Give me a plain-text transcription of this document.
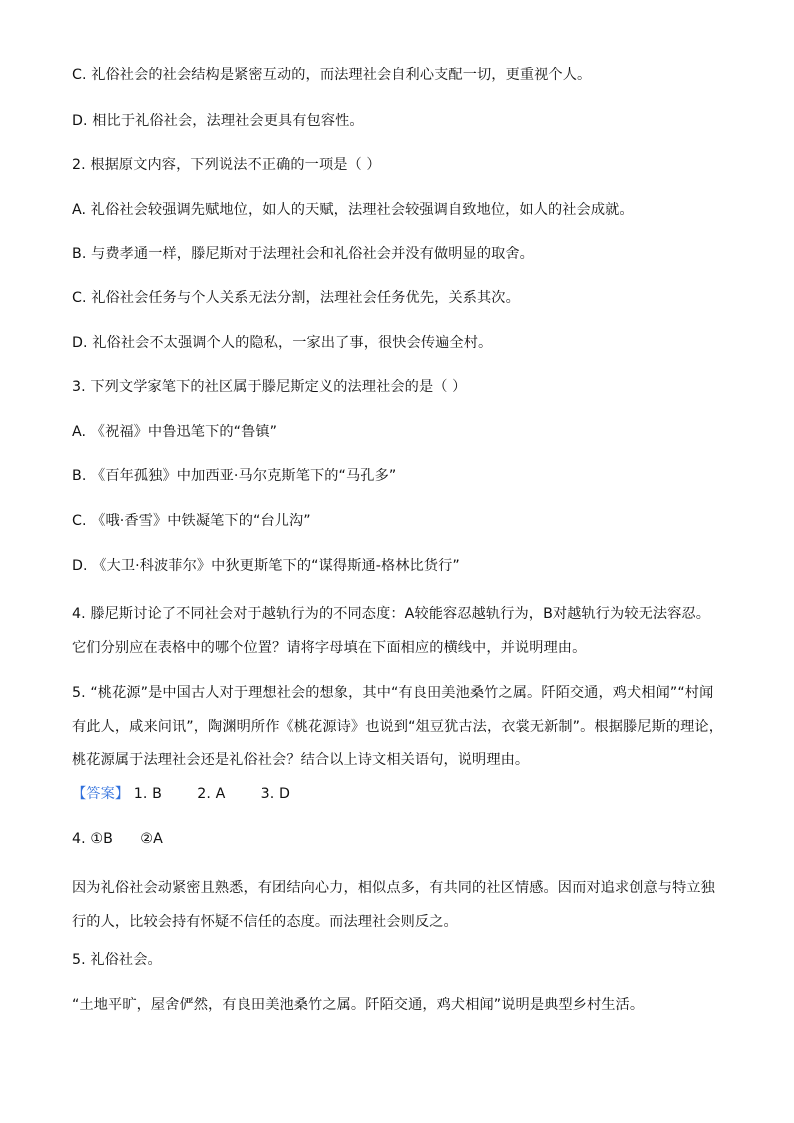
C. 礼俗社会的社会结构是紧密互动的，而法理社会自利心支配一切，更重视个人。
D. 相比于礼俗社会，法理社会更具有包容性。
2. 根据原文内容，下列说法不正确的一项是（ ）
A. 礼俗社会较强调先赋地位，如人的天赋，法理社会较强调自致地位，如人的社会成就。
B. 与费孝通一样，滕尼斯对于法理社会和礼俗社会并没有做明显的取舍。
C. 礼俗社会任务与个人关系无法分割，法理社会任务优先，关系其次。
D. 礼俗社会不太强调个人的隐私，一家出了事，很快会传遍全村。
3. 下列文学家笔下的社区属于滕尼斯定义的法理社会的是（ ）
A. 《祝福》中鲁迅笔下的“鲁镇”
B. 《百年孤独》中加西亚·马尔克斯笔下的“马孔多”
C. 《哦·香雪》中铁凝笔下的“台儿沟”
D. 《大卫·科波菲尔》中狄更斯笔下的“谋得斯通-格林比货行”
4. 滕尼斯讨论了不同社会对于越轨行为的不同态度：A较能容忍越轨行为，B对越轨行为较无法容忍。它们分别应在表格中的哪个位置？请将字母填在下面相应的横线中，并说明理由。
5. “桃花源”是中国古人对于理想社会的想象，其中“有良田美池桑竹之属。阡陌交通，鸡犬相闻”“村闻有此人，咸来问讯”，陶渊明所作《桃花源诗》也说到“俎豆犹古法，衣裳无新制”。根据滕尼斯的理论，桃花源属于法理社会还是礼俗社会？结合以上诗文相关语句，说明理由。
【答案】 1. B 2. A 3. D
4. ①B ②A
因为礼俗社会动紧密且熟悉，有团结向心力，相似点多，有共同的社区情感。因而对追求创意与特立独行的人，比较会持有怀疑不信任的态度。而法理社会则反之。
5. 礼俗社会。
“土地平旷，屋舍俨然，有良田美池桑竹之属。阡陌交通，鸡犬相闻”说明是典型乡村生活。
